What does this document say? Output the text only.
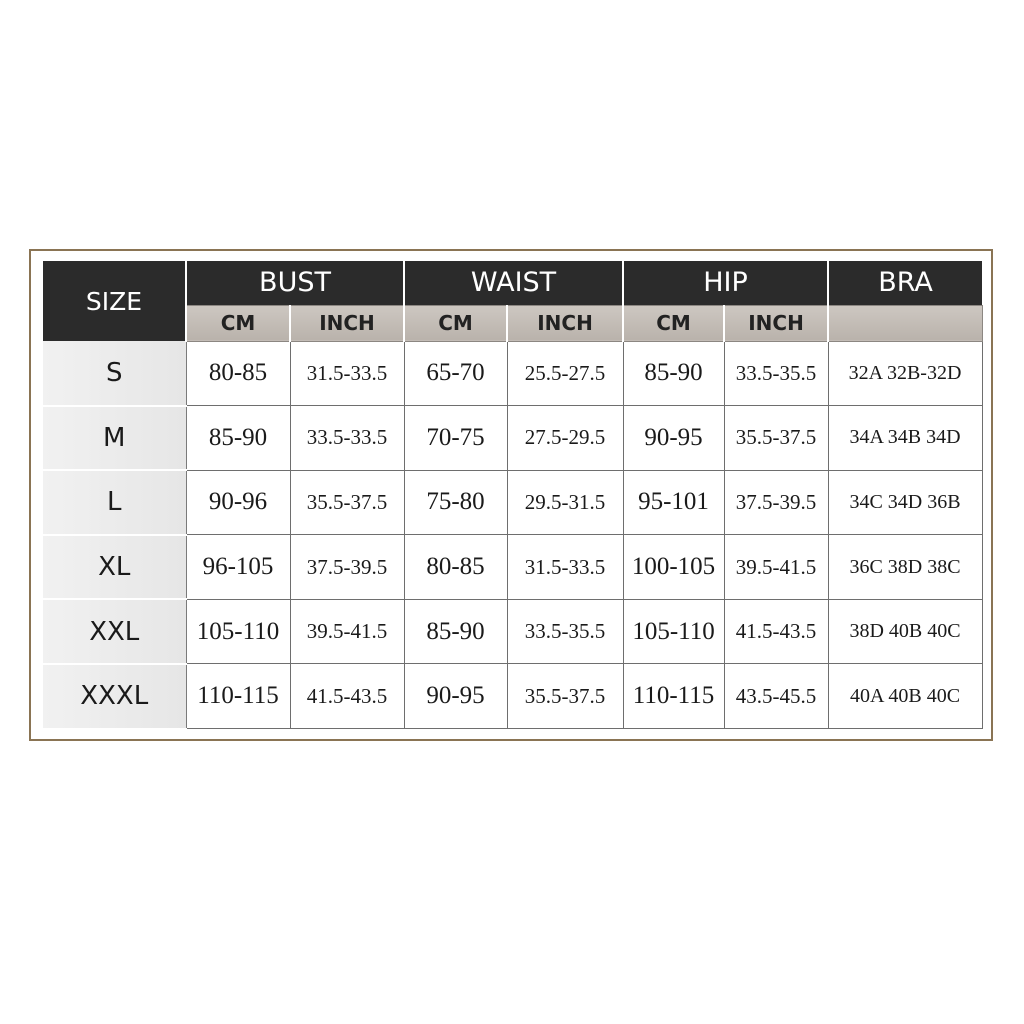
SIZE	BUST		WAIST		HIP		BRA
	CM	INCH	CM	INCH	CM	INCH	
S	80-85	31.5-33.5	65-70	25.5-27.5	85-90	33.5-35.5	32A 32B-32D
M	85-90	33.5-33.5	70-75	27.5-29.5	90-95	35.5-37.5	34A 34B 34D
L	90-96	35.5-37.5	75-80	29.5-31.5	95-101	37.5-39.5	34C 34D 36B
XL	96-105	37.5-39.5	80-85	31.5-33.5	100-105	39.5-41.5	36C 38D 38C
XXL	105-110	39.5-41.5	85-90	33.5-35.5	105-110	41.5-43.5	38D 40B 40C
XXXL	110-115	41.5-43.5	90-95	35.5-37.5	110-115	43.5-45.5	40A 40B 40C
